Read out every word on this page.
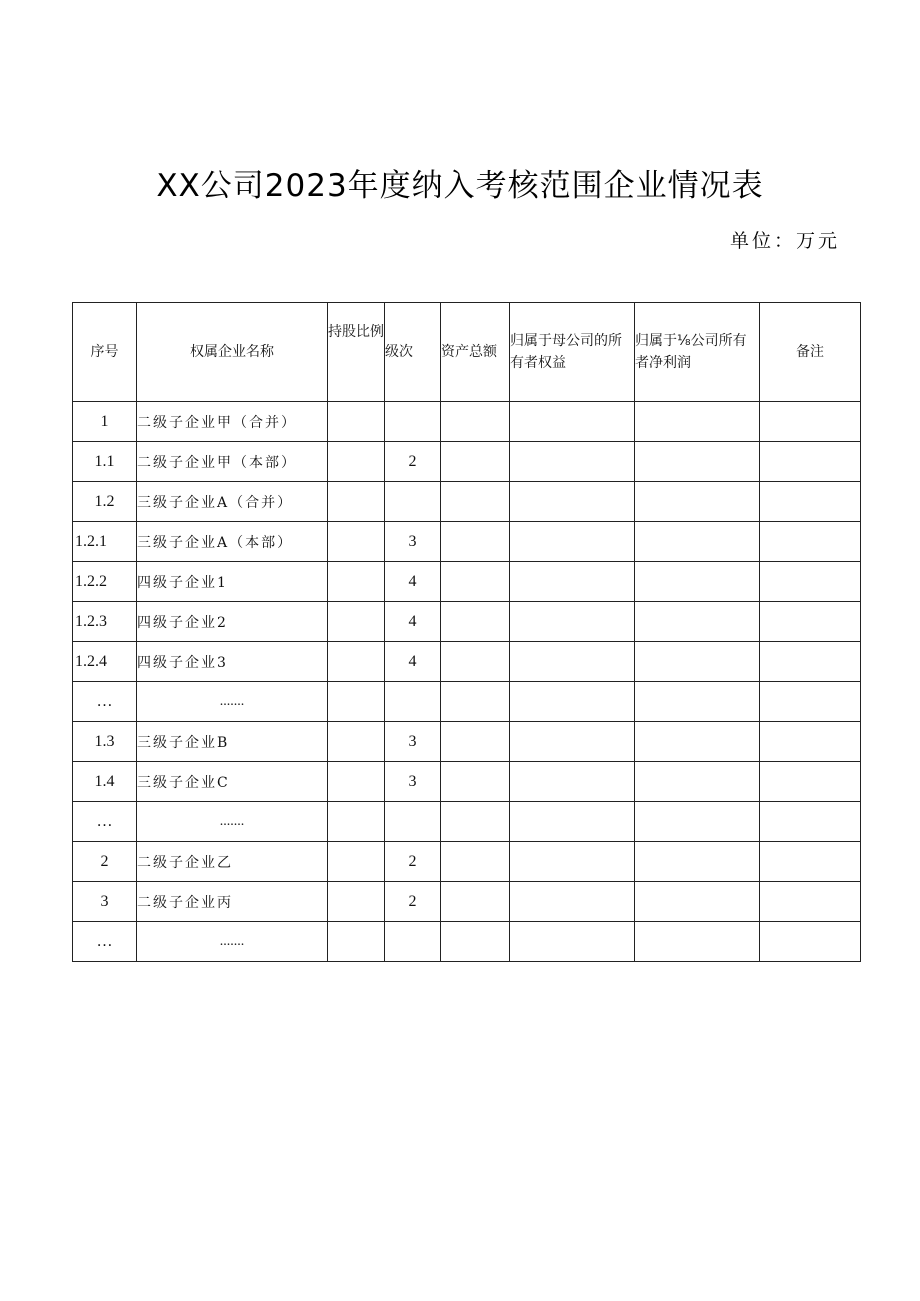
XX公司2023年度纳入考核范围企业情况表
单位：万元
序号	权属企业名称	持股比例	级次	资产总额	归属于母公司的所有者权益	归属于⅛公司所有者净利润	备注
1	二级子企业甲（合并）						
1.1	二级子企业甲（本部）		2				
1.2	三级子企业A（合并）						
1.2.1	三级子企业A（本部）		3				
1.2.2	四级子企业1		4				
1.2.3	四级子企业2		4				
1.2.4	四级子企业3		4				
…	.......						
1.3	三级子企业B		3				
1.4	三级子企业C		3				
…	.......						
2	二级子企业乙		2				
3	二级子企业丙		2				
…	.......						
